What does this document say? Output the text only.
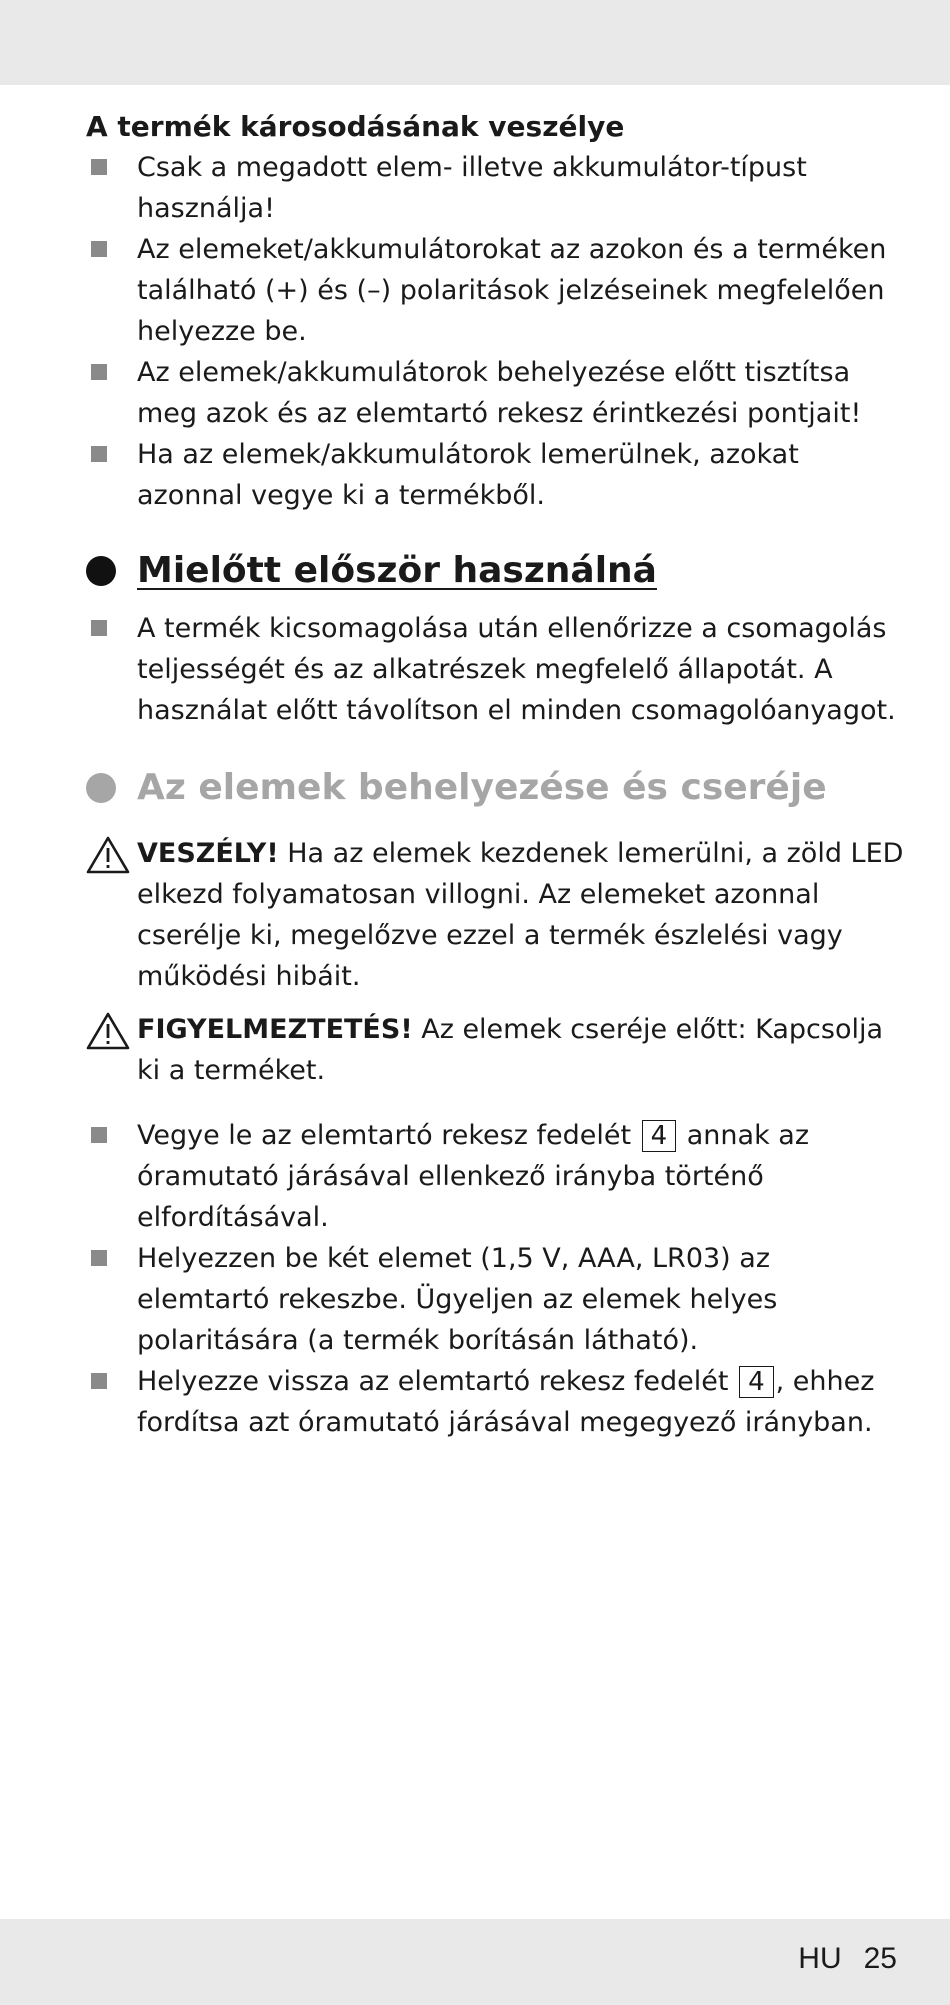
A termék károsodásának veszélye
Csak a megadott elem- illetve akkumulátor-típust használja!
Az elemeket/akkumulátorokat az azokon és a terméken található (+) és (–) polaritások jelzéseinek megfelelően helyezze be.
Az elemek/akkumulátorok behelyezése előtt tisztítsa meg azok és az elemtartó rekesz érintkezési pontjait!
Ha az elemek/akkumulátorok lemerülnek, azokat azonnal vegye ki a termékből.
Mielőtt először használná
A termék kicsomagolása után ellenőrizze a csomagolás teljességét és az alkatrészek megfelelő állapotát. A használat előtt távolítson el minden csomagolóanyagot.
Az elemek behelyezése és cseréje

VESZÉLY! Ha az elemek kezdenek lemerülni, a zöld LED elkezd folyamatosan villogni. Az elemeket azonnal cserélje ki, megelőzve ezzel a termék észlelési vagy működési hibáit.

FIGYELMEZTETÉS! Az elemek cseréje előtt: Kapcsolja ki a terméket.

Vegye le az elemtartó rekesz fedelét 4 annak az óramutató járásával ellenkező irányba történő elfordításával.
Helyezzen be két elemet (1,5 V, AAA, LR03) az elemtartó rekeszbe. Ügyeljen az elemek helyes polaritására (a termék borításán látható).
Helyezze vissza az elemtartó rekesz fedelét 4 , ehhez fordítsa azt óramutató járásával megegyező irányban.
HU 25
